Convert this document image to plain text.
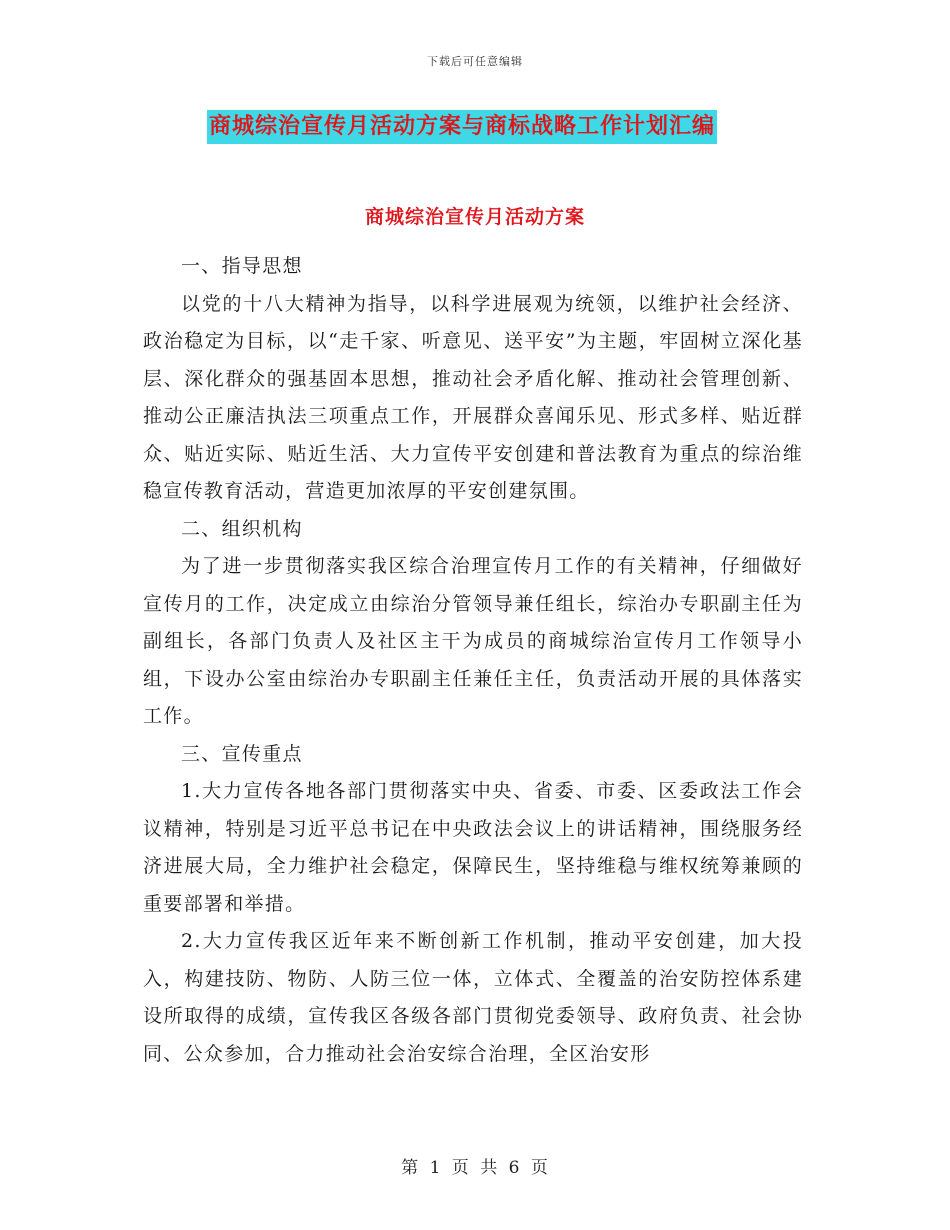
下载后可任意编辑
商城综治宣传月活动方案与商标战略工作计划汇编
商城综治宣传月活动方案

一、指导思想

以党的十八大精神为指导，以科学进展观为统领，以维护社会经济、政治稳定为目标，以“走千家、听意见、送平安”为主题，牢固树立深化基层、深化群众的强基固本思想，推动社会矛盾化解、推动社会管理创新、推动公正廉洁执法三项重点工作，开展群众喜闻乐见、形式多样、贴近群众、贴近实际、贴近生活、大力宣传平安创建和普法教育为重点的综治维稳宣传教育活动，营造更加浓厚的平安创建氛围。

二、组织机构

为了进一步贯彻落实我区综合治理宣传月工作的有关精神，仔细做好宣传月的工作，决定成立由综治分管领导兼任组长，综治办专职副主任为副组长，各部门负责人及社区主干为成员的商城综治宣传月工作领导小组，下设办公室由综治办专职副主任兼任主任，负责活动开展的具体落实工作。

三、宣传重点

1.大力宣传各地各部门贯彻落实中央、省委、市委、区委政法工作会议精神，特别是习近平总书记在中央政法会议上的讲话精神，围绕服务经济进展大局，全力维护社会稳定，保障民生，坚持维稳与维权统筹兼顾的重要部署和举措。

2.大力宣传我区近年来不断创新工作机制，推动平安创建，加大投入，构建技防、物防、人防三位一体，立体式、全覆盖的治安防控体系建设所取得的成绩，宣传我区各级各部门贯彻党委领导、政府负责、社会协同、公众参加，合力推动社会治安综合治理，全区治安形

第 1 页 共 6 页
